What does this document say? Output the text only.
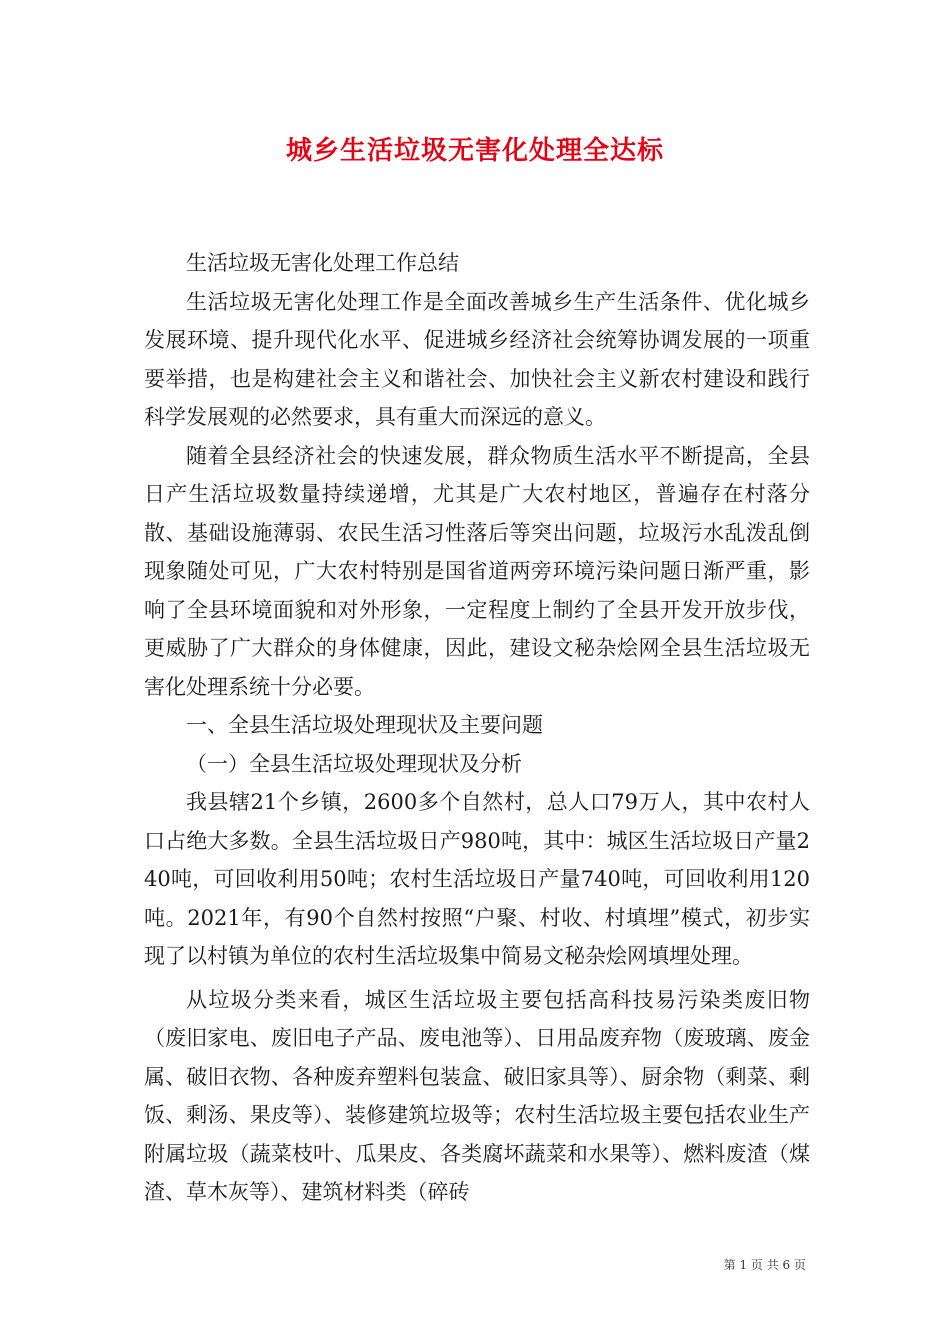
城乡生活垃圾无害化处理全达标

生活垃圾无害化处理工作总结

生活垃圾无害化处理工作是全面改善城乡生产生活条件、优化城乡发展环境、提升现代化水平、促进城乡经济社会统筹协调发展的一项重要举措，也是构建社会主义和谐社会、加快社会主义新农村建设和践行科学发展观的必然要求，具有重大而深远的意义。

随着全县经济社会的快速发展，群众物质生活水平不断提高，全县日产生活垃圾数量持续递增，尤其是广大农村地区，普遍存在村落分散、基础设施薄弱、农民生活习性落后等突出问题，垃圾污水乱泼乱倒现象随处可见，广大农村特别是国省道两旁环境污染问题日渐严重，影响了全县环境面貌和对外形象，一定程度上制约了全县开发开放步伐，更威胁了广大群众的身体健康，因此，建设文秘杂烩网全县生活垃圾无害化处理系统十分必要。

一、全县生活垃圾处理现状及主要问题

（一）全县生活垃圾处理现状及分析

我县辖21个乡镇，2600多个自然村，总人口79万人，其中农村人口占绝大多数。全县生活垃圾日产980吨，其中：城区生活垃圾日产量240吨，可回收利用50吨；农村生活垃圾日产量740吨，可回收利用120吨。2021年，有90个自然村按照“户聚、村收、村填埋”模式，初步实现了以村镇为单位的农村生活垃圾集中简易文秘杂烩网填埋处理。

从垃圾分类来看，城区生活垃圾主要包括高科技易污染类废旧物（废旧家电、废旧电子产品、废电池等）、日用品废弃物（废玻璃、废金属、破旧衣物、各种废弃塑料包装盒、破旧家具等）、厨余物（剩菜、剩饭、剩汤、果皮等）、装修建筑垃圾等；农村生活垃圾主要包括农业生产附属垃圾（蔬菜枝叶、瓜果皮、各类腐坏蔬菜和水果等）、燃料废渣（煤渣、草木灰等）、建筑材料类（碎砖

第 1 页 共 6 页
